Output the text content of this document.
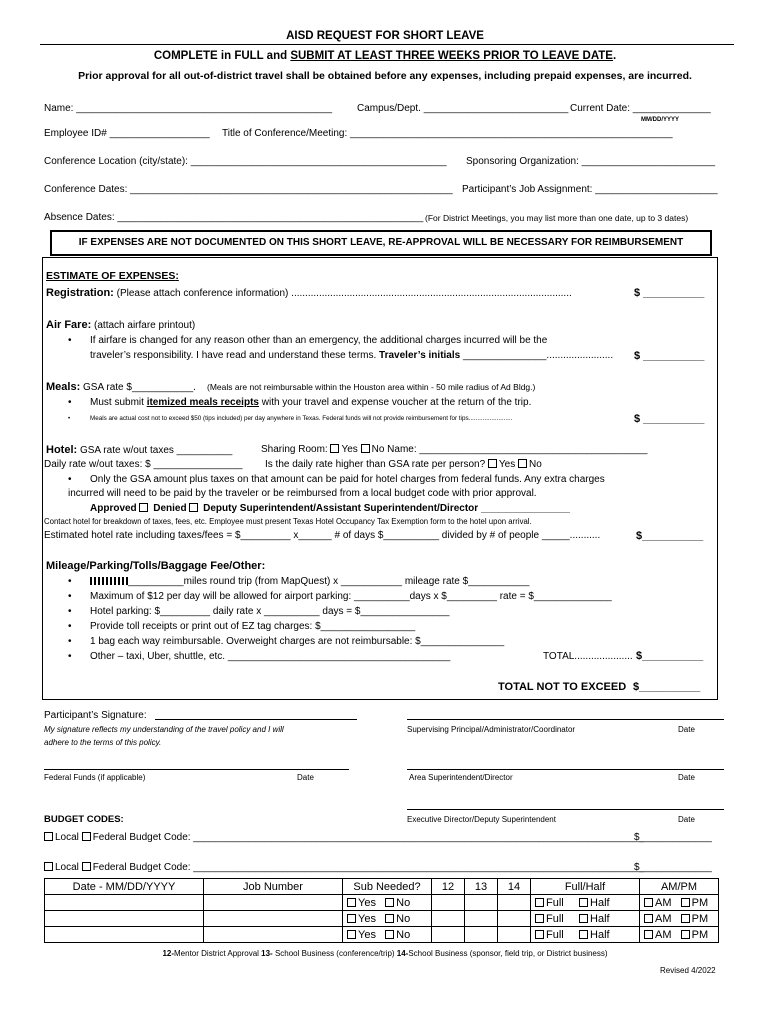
AISD REQUEST FOR SHORT LEAVE
COMPLETE in FULL and SUBMIT AT LEAST THREE WEEKS PRIOR TO LEAVE DATE.
Prior approval for all out-of-district travel shall be obtained before any expenses, including prepaid expenses, are incurred.
Name: ______________________________________________ Campus/Dept. __________________________ Current Date: ______________
MM/DD/YYYY
Employee ID# __________________ Title of Conference/Meeting: __________________________________________________________
Conference Location (city/state): ______________________________________________ Sponsoring Organization: ________________________
Conference Dates: __________________________________________________________ Participant’s Job Assignment: ______________________
Absence Dates: _______________________________________________________ (For District Meetings, you may list more than one date, up to 3 dates)
IF EXPENSES ARE NOT DOCUMENTED ON THIS SHORT LEAVE, RE-APPROVAL WILL BE NECESSARY FOR REIMBURSEMENT
ESTIMATE OF EXPENSES:
Registration: (Please attach conference information) .....................................................................................................	$ __________
Air Fare: (attach airfare printout)
• If airfare is changed for any reason other than an emergency, the additional charges incurred will be the
traveler’s responsibility. I have read and understand these terms. Traveler’s initials _______________........................ $ __________
Meals: GSA rate $___________. (Meals are not reimbursable within the Houston area within - 50 mile radius of Ad Bldg.)
• Must submit itemized meals receipts with your travel and expense voucher at the return of the trip.
• Meals are actual cost not to exceed $50 (tips included) per day anywhere in Texas. Federal funds will not provide reimbursement for tips.........................	$ __________
Hotel: GSA rate w/out taxes __________	Sharing Room: Yes No Name: _________________________________________
Daily rate w/out taxes: $ ________________ Is the daily rate higher than GSA rate per person? Yes No
• Only the GSA amount plus taxes on that amount can be paid for hotel charges from federal funds. Any extra charges
incurred will need to be paid by the traveler or be reimbursed from a local budget code with prior approval.
Approved Denied Deputy Superintendent/Assistant Superintendent/Director ________________
Contact hotel for breakdown of taxes, fees, etc. Employee must present Texas Hotel Occupancy Tax Exemption form to the hotel upon arrival.
Estimated hotel rate including taxes/fees = $_________ x______ # of days $__________ divided by # of people _____...........	$__________
Mileage/Parking/Tolls/Baggage Fee/Other:
• __________miles round trip (from MapQuest) x ___________ mileage rate $___________
• Maximum of $12 per day will be allowed for airport parking: __________days x $_________ rate = $______________
• Hotel parking: $_________ daily rate x __________ days = $________________
• Provide toll receipts or print out of EZ tag charges: $_________________
• 1 bag each way reimbursable. Overweight charges are not reimbursable: $_______________
• Other – taxi, Uber, shuttle, etc. ________________________________________	TOTAL..................... $__________
TOTAL NOT TO EXCEED $__________
Participant’s Signature:
My signature reflects my understanding of the travel policy and I will
adhere to the terms of this policy.
Supervising Principal/Administrator/Coordinator	Date
Federal Funds (if applicable)	Date	Area Superintendent/Director	Date
Executive Director/Deputy Superintendent	Date
BUDGET CODES:
Local Federal Budget Code: _________________________________________________________________________________
$_____________
Local Federal Budget Code: _________________________________________________________________________________
$_____________
Date - MM/DD/YYYY	Job Number	Sub Needed?	12	13	14	Full/Half	AM/PM
		Yes No				Full Half	AM PM
		Yes No				Full Half	AM PM
		Yes No				Full Half	AM PM
12-Mentor District Approval 13- School Business (conference/trip) 14-School Business (sponsor, field trip, or District business)
Revised 4/2022
